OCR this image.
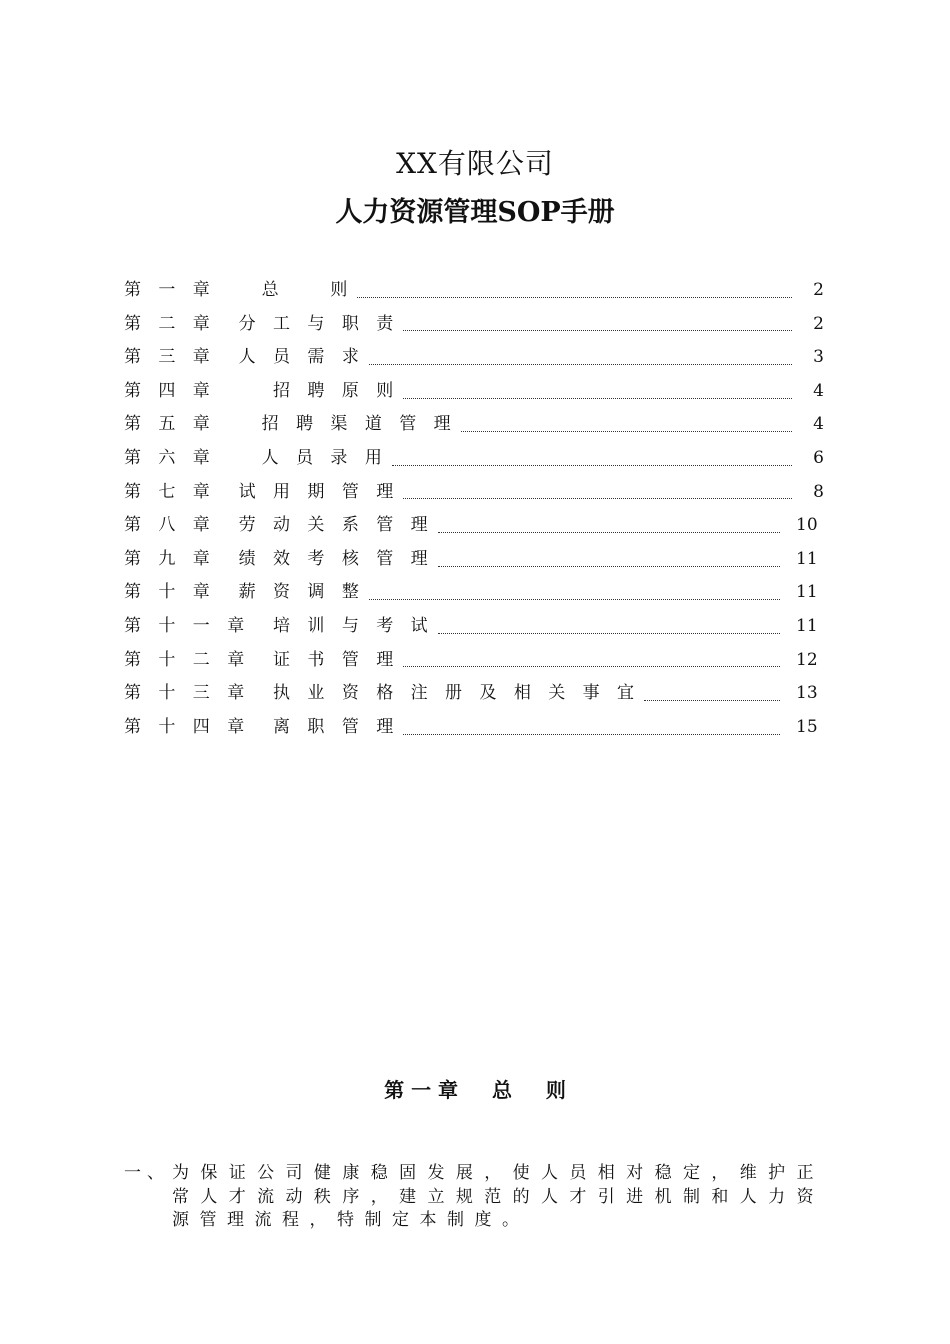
XX有限公司
人力资源管理SOP手册
第 一 章 　 总 　 则	2
第 二 章  分 工 与 职 责	2
第 三 章  人 员 需 求	3
第 四 章 　  招 聘 原 则	4
第 五 章 　 招 聘 渠 道 管 理	4
第 六 章 　 人 员 录 用	6
第 七 章  试 用 期 管 理	8
第 八 章  劳 动 关 系 管 理	10
第 九 章  绩 效 考 核 管 理	11
第 十 章  薪 资 调 整	11
第 十 一 章  培 训 与 考 试	11
第 十 二 章  证 书 管 理	12
第 十 三 章  执 业 资 格 注 册 及 相 关 事 宜	13
第 十 四 章  离 职 管 理	15
第 一 章 　 总 　 则
一、 为保证公司健康稳固发展，使人员相对稳定，维护正常人才流动秩序，建立规范的人才引进机制和人力资源管理流程，特制定本制度。
